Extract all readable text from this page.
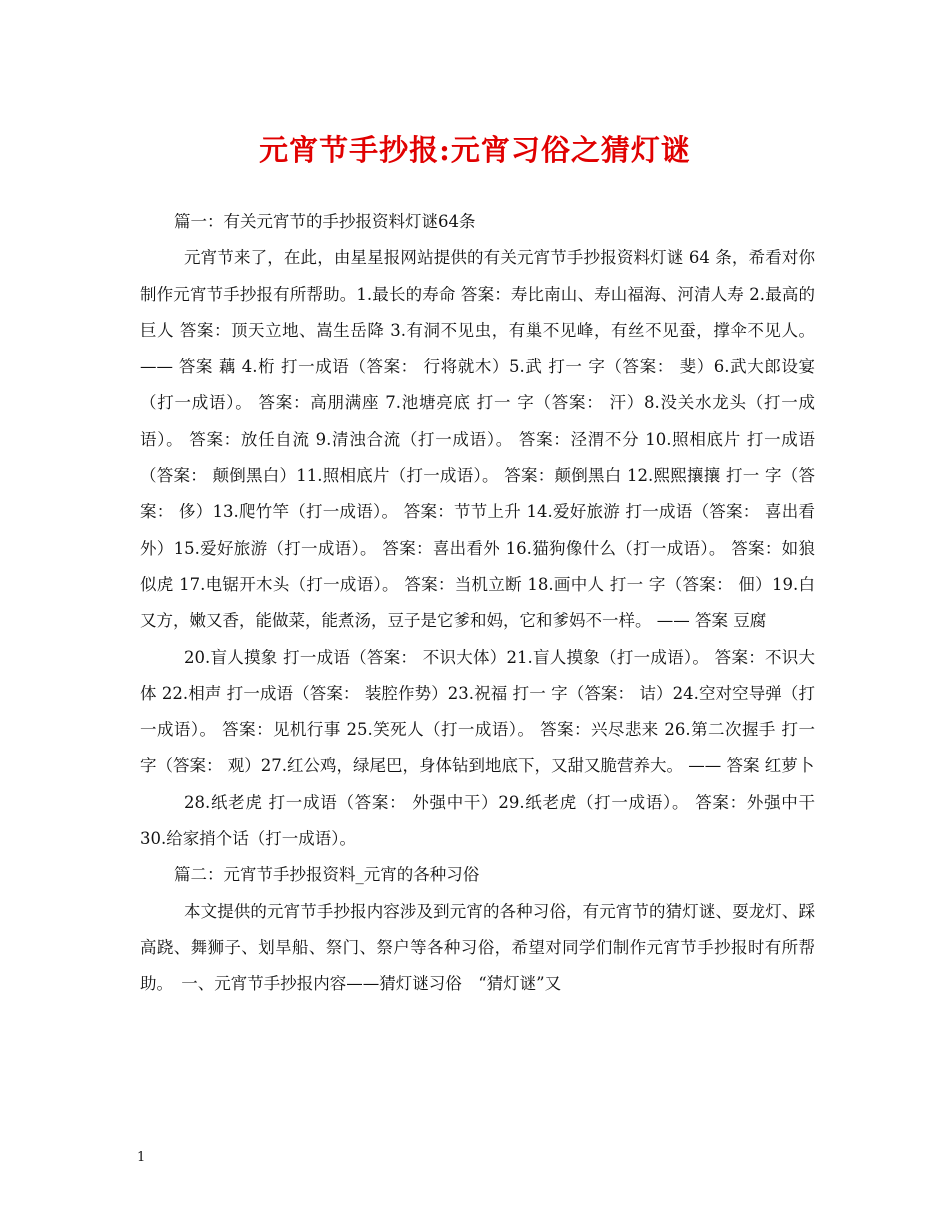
元宵节手抄报:元宵习俗之猜灯谜

篇一：有关元宵节的手抄报资料灯谜64条

元宵节来了，在此，由星星报网站提供的有关元宵节手抄报资料灯谜 64 条，希看对你制作元宵节手抄报有所帮助。1.最长的寿命 答案：寿比南山、寿山福海、河清人寿 2.最高的巨人 答案：顶天立地、嵩生岳降 3.有洞不见虫，有巢不见峰，有丝不见蚕，撑伞不见人。 —— 答案 藕 4.桁 打一成语（答案： 行将就木）5.武 打一 字（答案： 斐）6.武大郎设宴（打一成语）。 答案：高朋满座 7.池塘亮底 打一 字（答案： 汗）8.没关水龙头（打一成语）。 答案：放任自流 9.清浊合流（打一成语）。 答案：泾渭不分 10.照相底片 打一成语（答案： 颠倒黑白）11.照相底片（打一成语）。 答案：颠倒黑白 12.熙熙攘攘 打一 字（答案： 侈）13.爬竹竿（打一成语）。 答案：节节上升 14.爱好旅游 打一成语（答案： 喜出看外）15.爱好旅游（打一成语）。 答案：喜出看外 16.猫狗像什么（打一成语）。 答案：如狼似虎 17.电锯开木头（打一成语）。 答案：当机立断 18.画中人 打一 字（答案： 佃）19.白又方，嫩又香，能做菜，能煮汤，豆子是它爹和妈，它和爹妈不一样。 —— 答案 豆腐

20.盲人摸象 打一成语（答案： 不识大体）21.盲人摸象（打一成语）。 答案：不识大体 22.相声 打一成语（答案： 装腔作势）23.祝福 打一 字（答案： 诘）24.空对空导弹（打一成语）。 答案：见机行事 25.笑死人（打一成语）。 答案：兴尽悲来 26.第二次握手 打一 字（答案： 观）27.红公鸡，绿尾巴，身体钻到地底下，又甜又脆营养大。 —— 答案 红萝卜

28.纸老虎 打一成语（答案： 外强中干）29.纸老虎（打一成语）。 答案：外强中干 30.给家捎个话（打一成语）。

篇二：元宵节手抄报资料_元宵的各种习俗

本文提供的元宵节手抄报内容涉及到元宵的各种习俗，有元宵节的猜灯谜、耍龙灯、踩高跷、舞狮子、划旱船、祭门、祭户等各种习俗，希望对同学们制作元宵节手抄报时有所帮助。　一、元宵节手抄报内容——猜灯谜习俗　“猜灯谜”又

1
